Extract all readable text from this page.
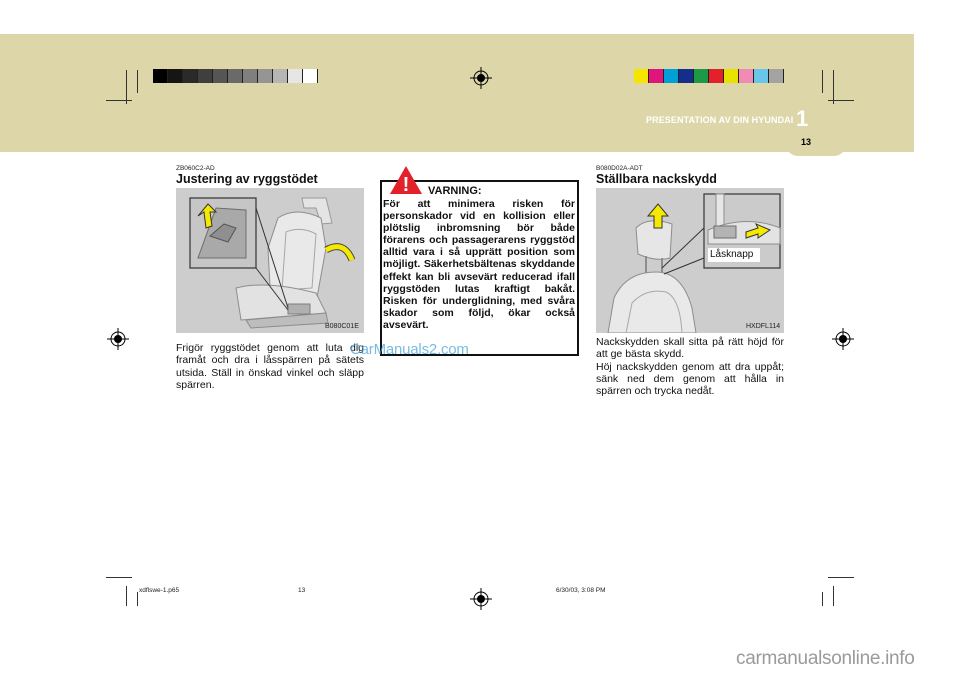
PRESENTATION AV DIN HYUNDAI 1
13
ZB060C2-AD
Justering av ryggstödet
B080C01E

Frigör ryggstödet genom att luta dig framåt och dra i låsspärren på sätets utsida. Ställ in önskad vinkel och släpp spärren.

! VARNING:
För att minimera risken för personskador vid en kollision eller plötslig inbromsning bör både förarens och passagerarens ryggstöd alltid vara i så upprätt position som möjligt. Säkerhetsbältenas skyddande effekt kan bli avsevärt reducerad ifall ryggstöden lutas kraftigt bakåt. Risken för underglidning, med svåra skador som följd, ökar också avsevärt.
CarManuals2.com
B080D02A-ADT
Ställbara nackskydd
Låsknapp
HXDFL114

Nackskydden skall sitta på rätt höjd för att ge bästa skydd.

Höj nackskydden genom att dra uppåt; sänk ned dem genom att hålla in spärren och trycka nedåt.

xdflswe-1.p65	13	6/30/03, 3:08 PM
carmanualsonline.info
